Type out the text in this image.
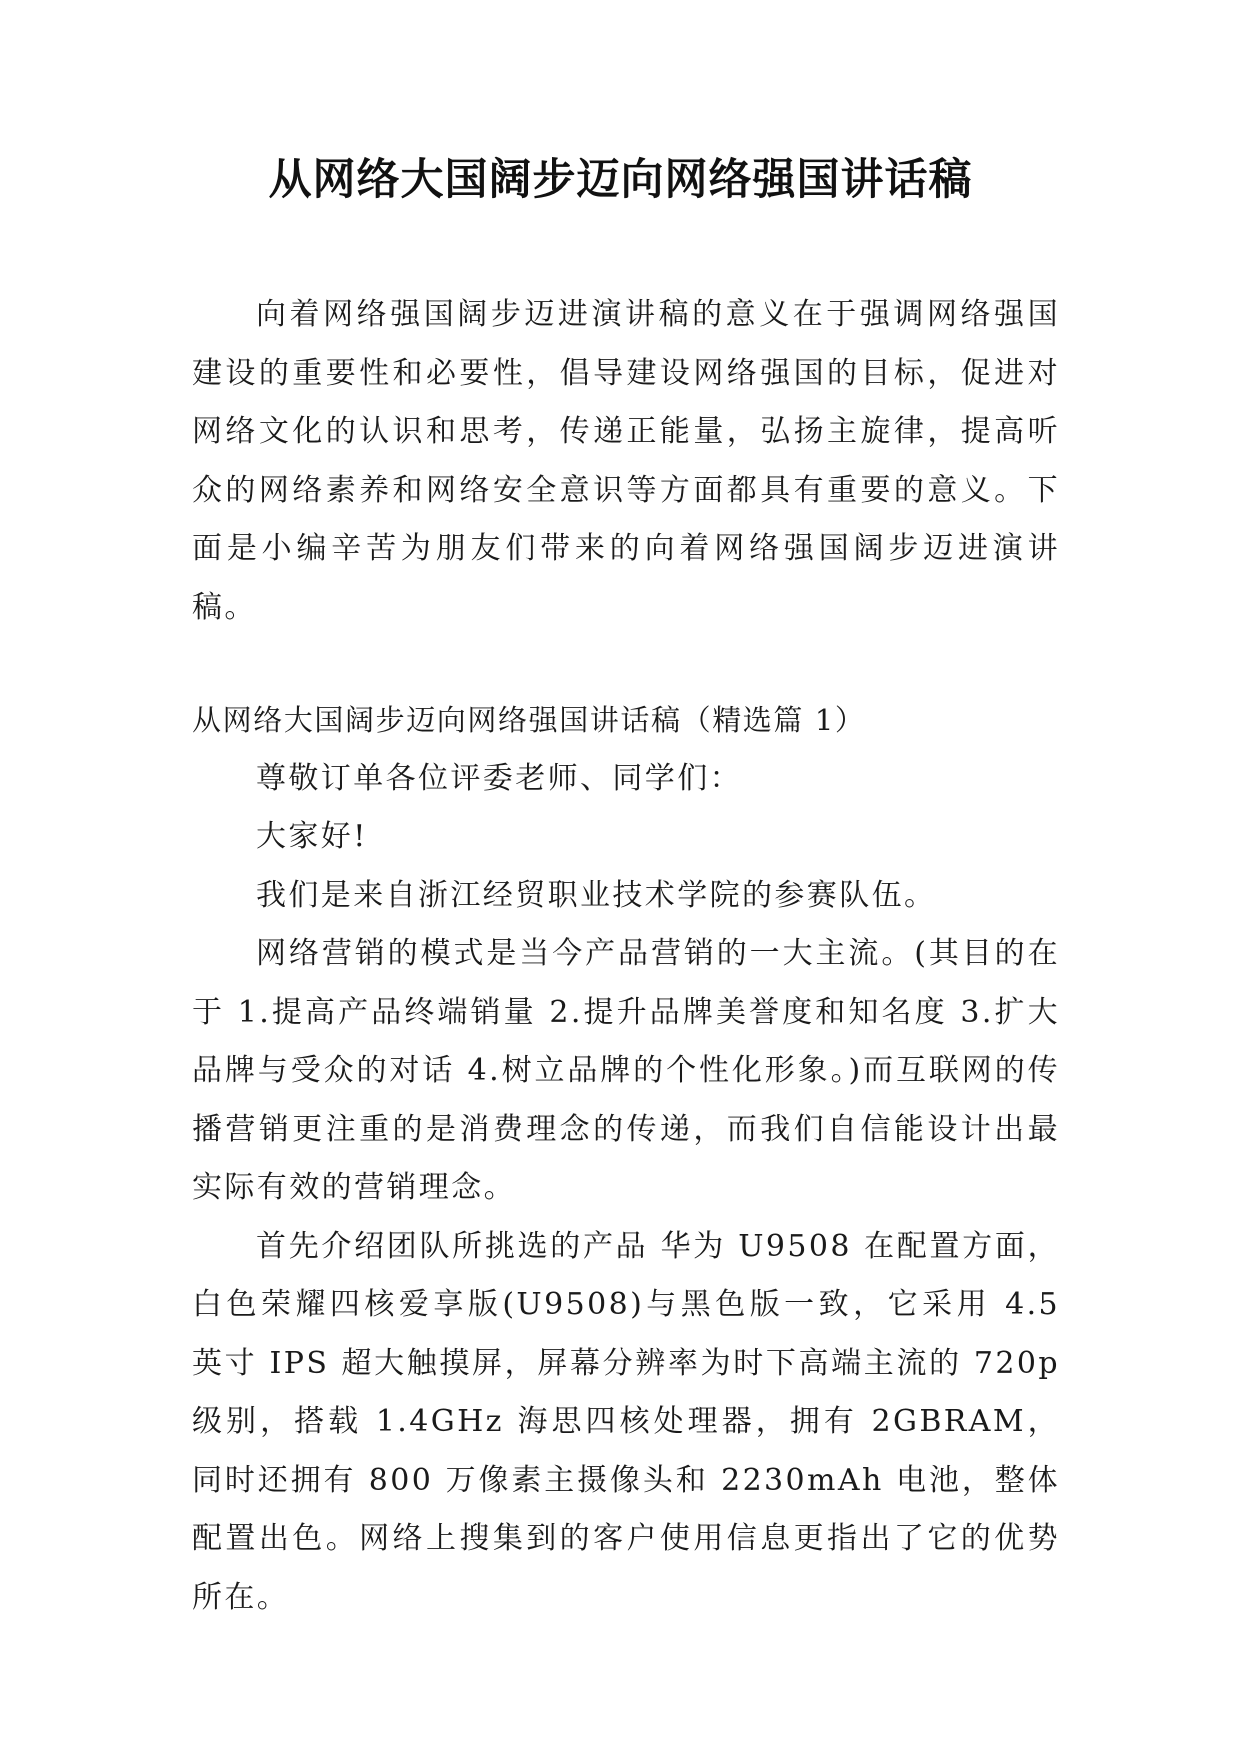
从网络大国阔步迈向网络强国讲话稿

向着网络强国阔步迈进演讲稿的意义在于强调网络强国建设的重要性和必要性，倡导建设网络强国的目标，促进对网络文化的认识和思考，传递正能量，弘扬主旋律，提高听众的网络素养和网络安全意识等方面都具有重要的意义。下面是小编辛苦为朋友们带来的向着网络强国阔步迈进演讲稿。

从网络大国阔步迈向网络强国讲话稿（精选篇 1）

尊敬订单各位评委老师、同学们：

大家好!

我们是来自浙江经贸职业技术学院的参赛队伍。

网络营销的模式是当今产品营销的一大主流。(其目的在于 1.提高产品终端销量 2.提升品牌美誉度和知名度 3.扩大品牌与受众的对话 4.树立品牌的个性化形象。)而互联网的传播营销更注重的是消费理念的传递，而我们自信能设计出最实际有效的营销理念。

首先介绍团队所挑选的产品 华为 U9508 在配置方面，白色荣耀四核爱享版(U9508)与黑色版一致，它采用 4.5 英寸 IPS 超大触摸屏，屏幕分辨率为时下高端主流的 720p 级别，搭载 1.4GHz 海思四核处理器，拥有 2GBRAM，同时还拥有 800 万像素主摄像头和 2230mAh 电池，整体配置出色。网络上搜集到的客户使用信息更指出了它的优势所在。
